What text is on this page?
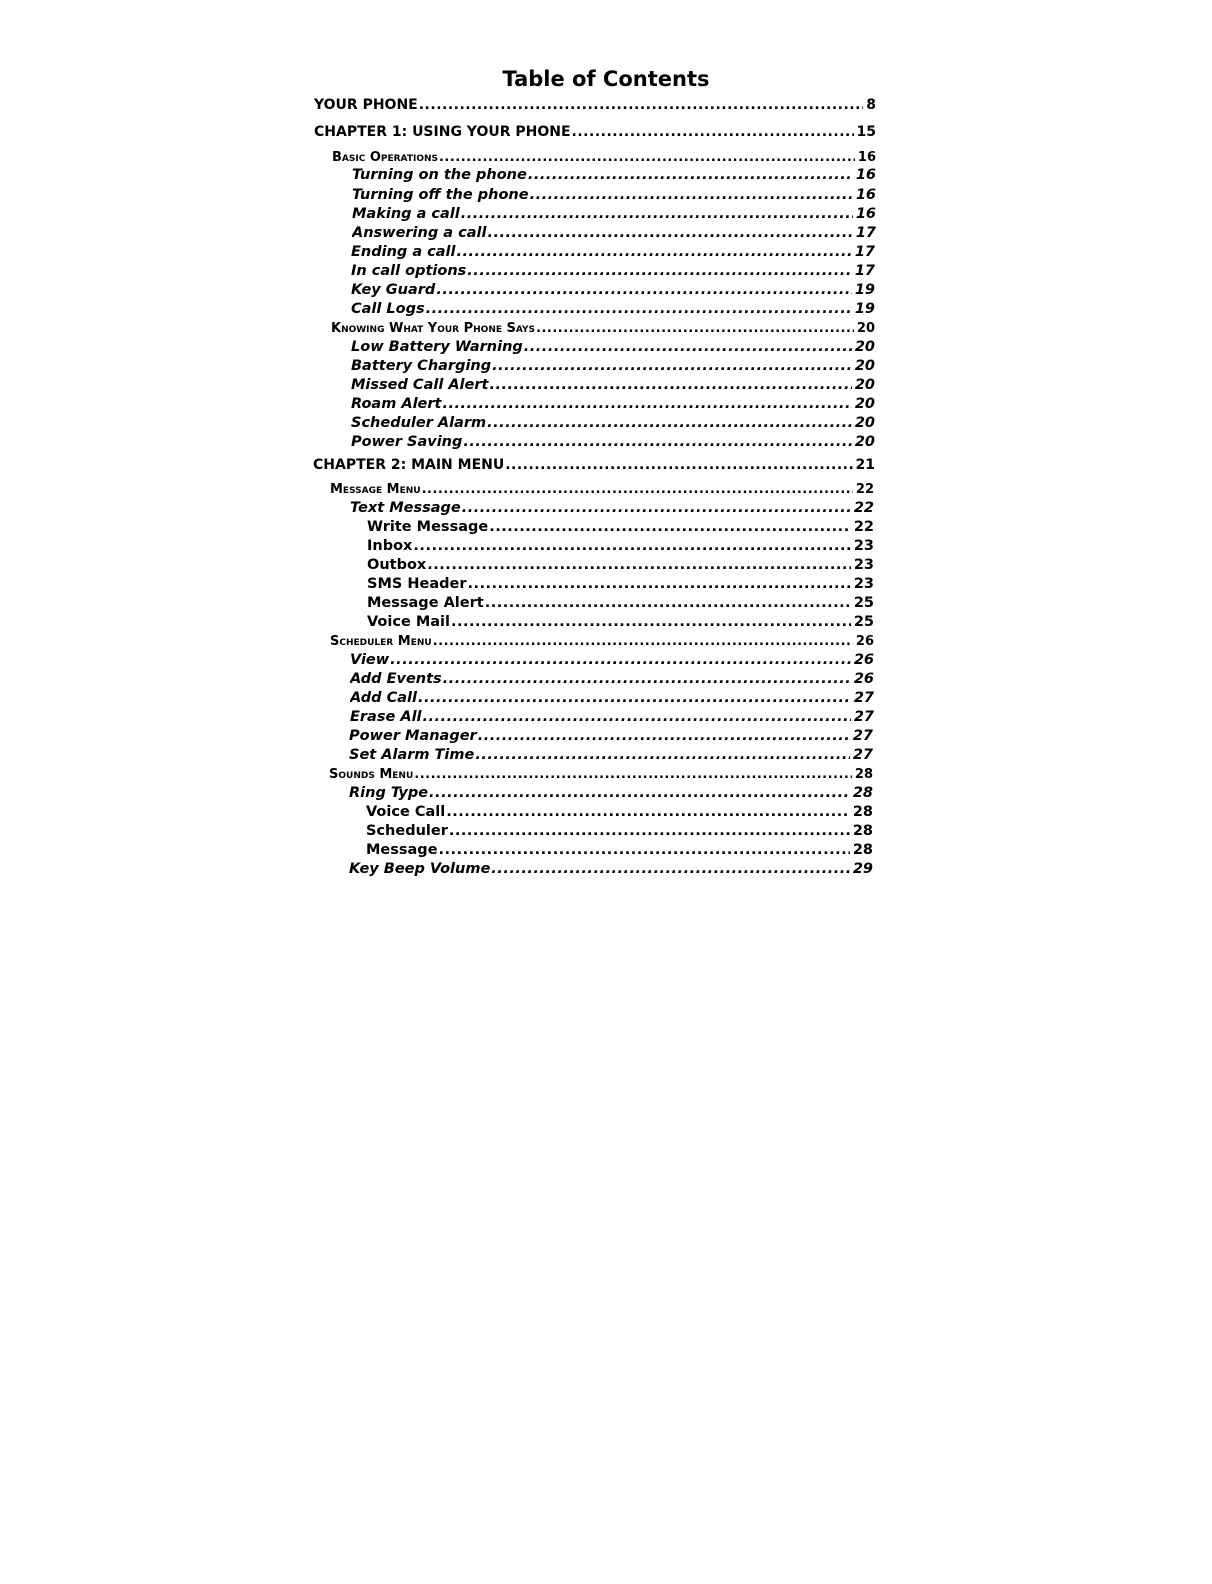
Table of Contents
YOUR PHONE .....	8
CHAPTER 1: USING YOUR PHONE .....	15
Basic Operations .....	16
Turning on the phone .....	16
Turning off the phone .....	16
Making a call .....	16
Answering a call .....	17
Ending a call .....	17
In call options .....	17
Key Guard .....	19
Call Logs .....	19
Knowing What Your Phone Says .....	20
Low Battery Warning .....	20
Battery Charging .....	20
Missed Call Alert .....	20
Roam Alert .....	20
Scheduler Alarm .....	20
Power Saving .....	20
CHAPTER 2: MAIN MENU .....	21
Message Menu .....	22
Text Message .....	22
Write Message .....	22
Inbox .....	23
Outbox .....	23
SMS Header .....	23
Message Alert .....	25
Voice Mail .....	25
Scheduler Menu .....	26
View .....	26
Add Events .....	26
Add Call .....	27
Erase All .....	27
Power Manager .....	27
Set Alarm Time .....	27
Sounds Menu .....	28
Ring Type .....	28
Voice Call .....	28
Scheduler .....	28
Message .....	28
Key Beep Volume .....	29
